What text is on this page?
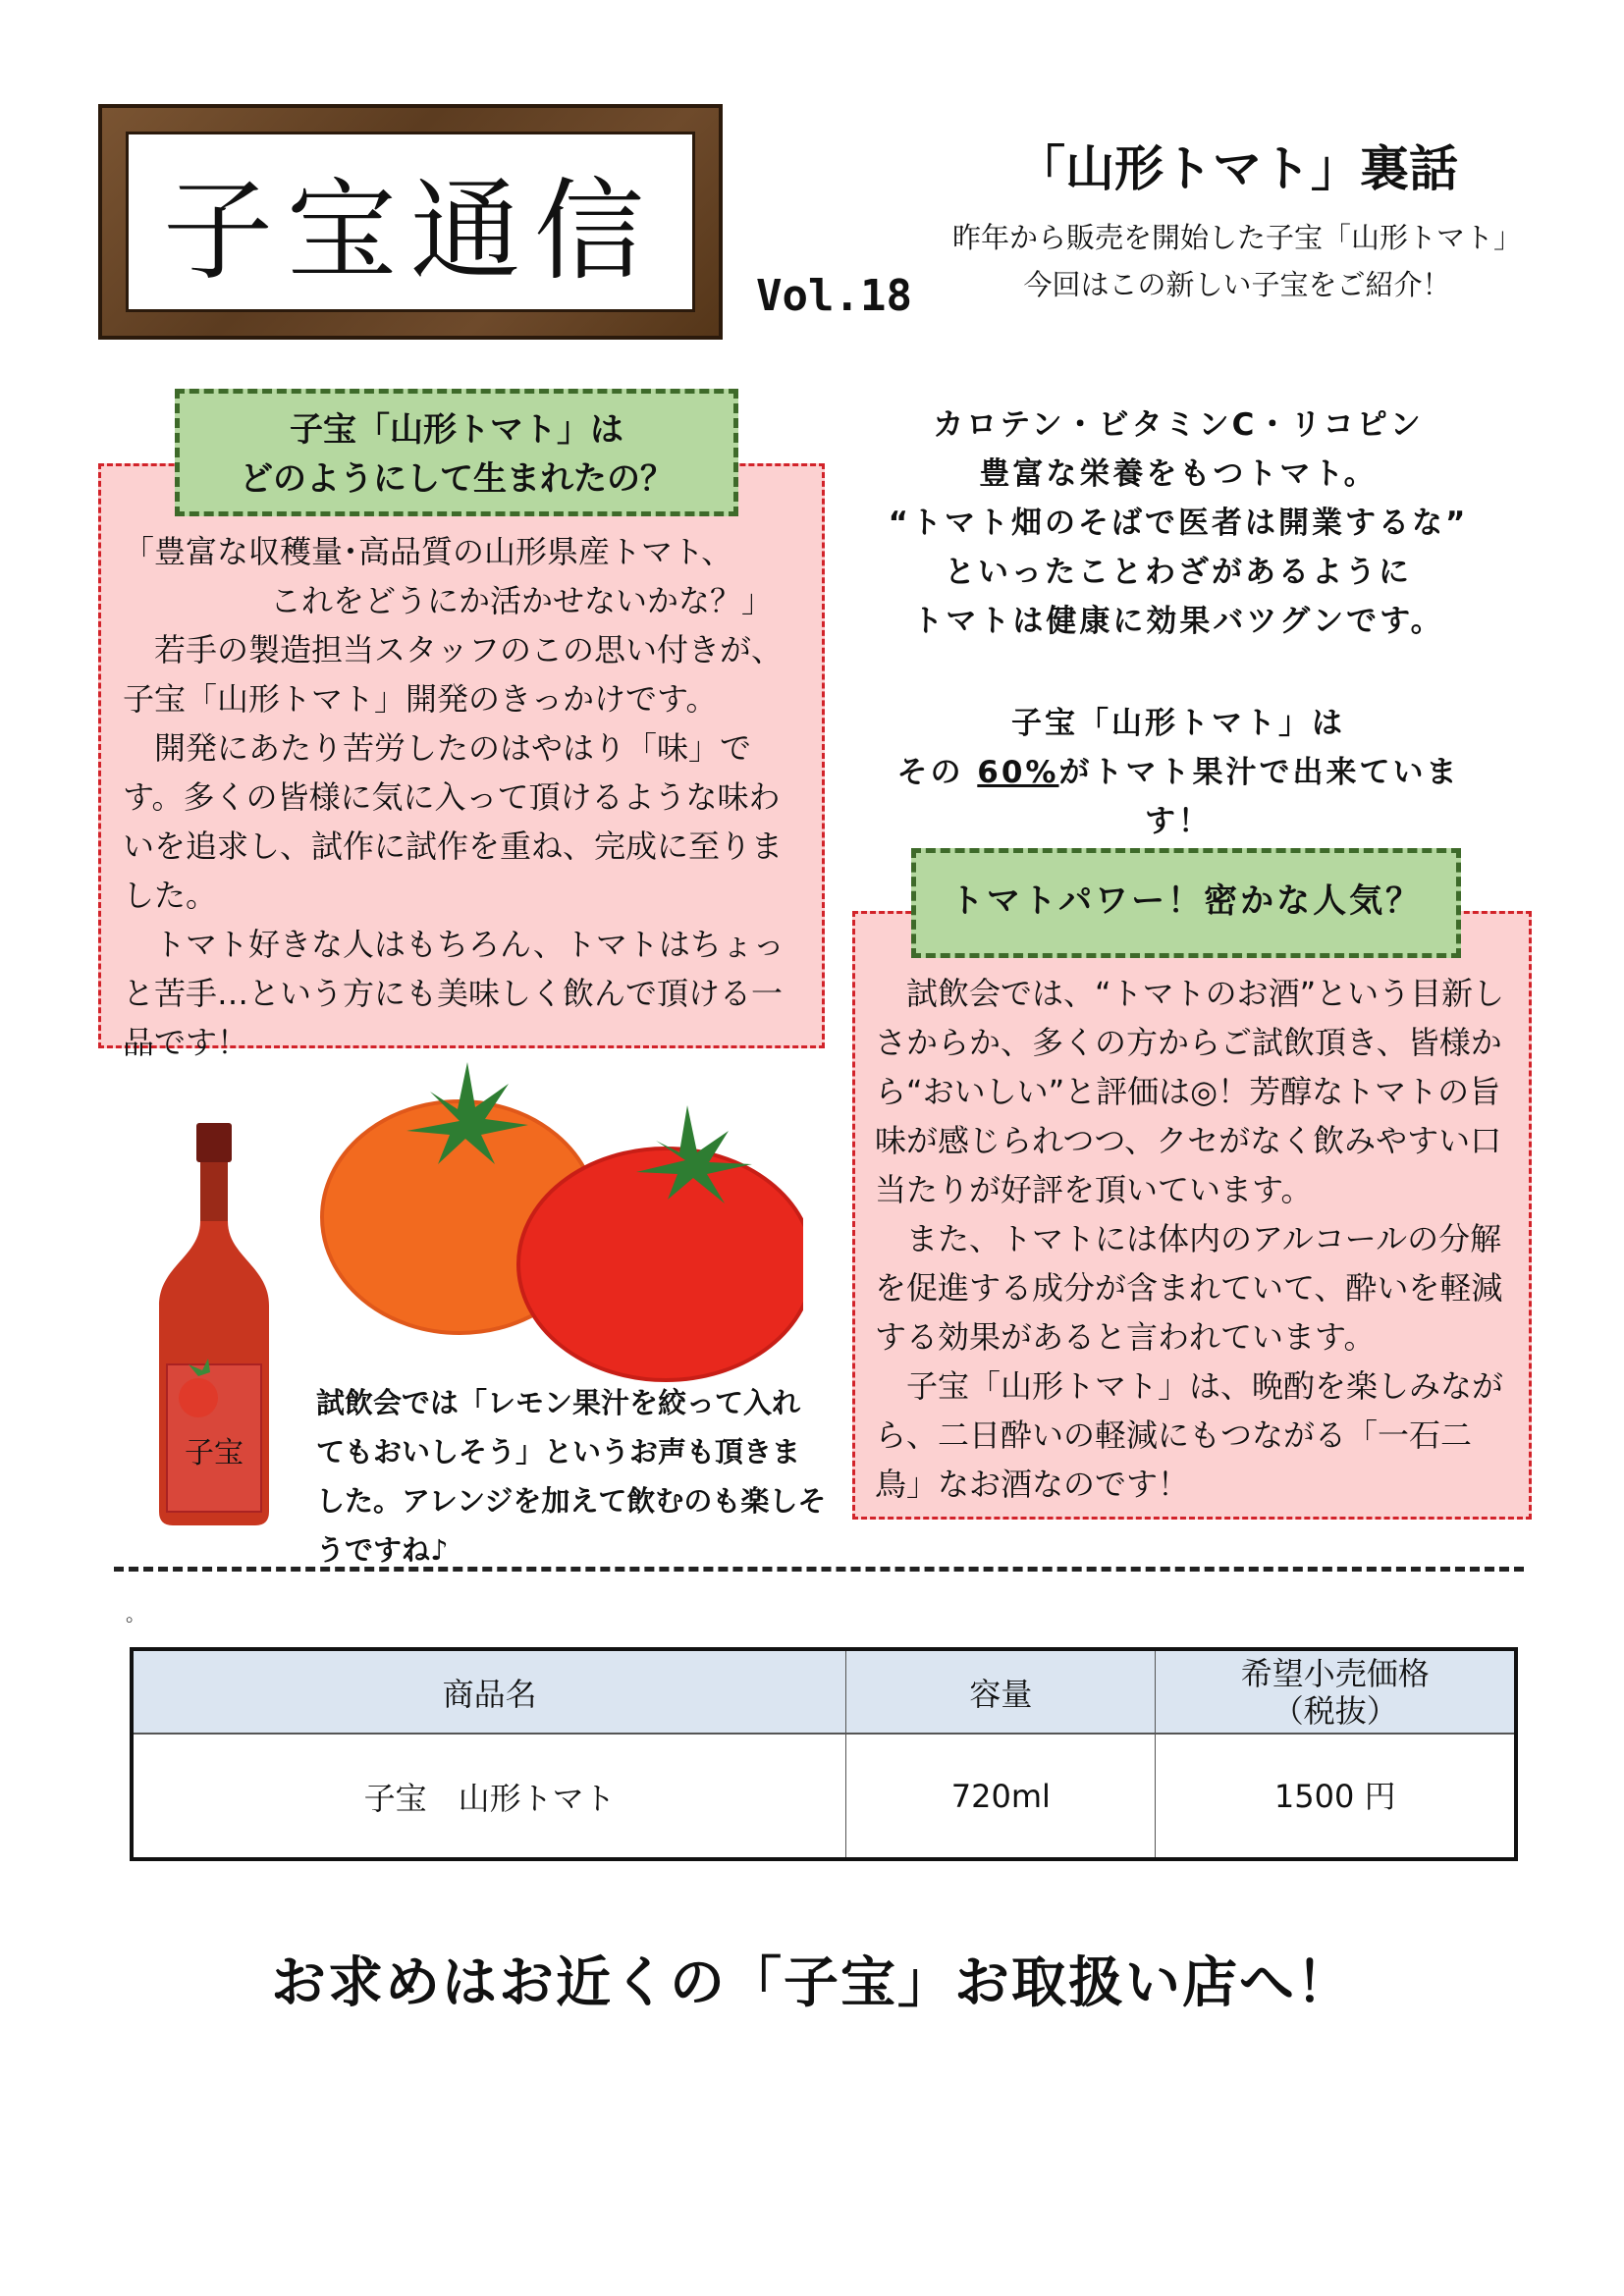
子宝通信
Vol.18
「山形トマト」裏話
昨年から販売を開始した子宝「山形トマト」
今回はこの新しい子宝をご紹介！
「豊富な収穫量･高品質の山形県産トマト、
これをどうにか活かせないかな？」
若手の製造担当スタッフのこの思い付きが、子宝「山形トマト」開発のきっかけです。
開発にあたり苦労したのはやはり「味」です。多くの皆様に気に入って頂けるような味わいを追求し、試作に試作を重ね、完成に至りました。
トマト好きな人はもちろん、トマトはちょっと苦手…という方にも美味しく飲んで頂ける一品です！
子宝「山形トマト」は
どのようにして生まれたの？
カロテン・ビタミンC・リコピン
豊富な栄養をもつトマト。
“トマト畑のそばで医者は開業するな”
といったことわざがあるように
トマトは健康に効果バツグンです。
子宝「山形トマト」は
その 60%がトマト果汁で出来ています！
試飲会では、“トマトのお酒”という目新しさからか、多くの方からご試飲頂き、皆様から“おいしい”と評価は◎！芳醇なトマトの旨味が感じられつつ、クセがなく飲みやすい口当たりが好評を頂いています。
また、トマトには体内のアルコールの分解を促進する成分が含まれていて、酔いを軽減する効果があると言われています。
子宝「山形トマト」は、晩酌を楽しみながら、二日酔いの軽減にもつながる「一石二鳥」なお酒なのです！
トマトパワー！密かな人気？
子宝
試飲会では「レモン果汁を絞って入れてもおいしそう」というお声も頂きました。アレンジを加えて飲むのも楽しそうですね♪
。
商品名	容量	希望小売価格
（税抜）

子宝　山形トマト	720ml	1500 円
お求めはお近くの「子宝」お取扱い店へ！
